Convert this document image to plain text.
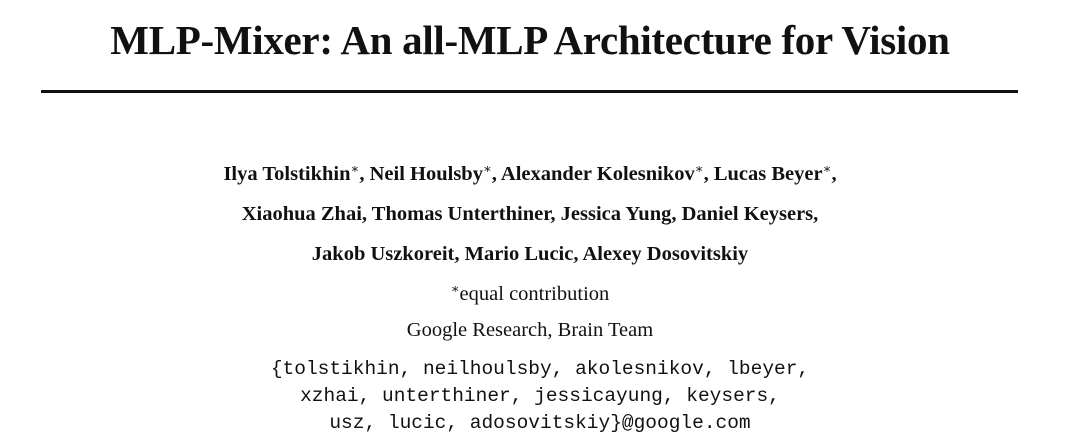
MLP-Mixer: An all-MLP Architecture for Vision
Ilya Tolstikhin∗, Neil Houlsby∗, Alexander Kolesnikov∗, Lucas Beyer∗,
Xiaohua Zhai, Thomas Unterthiner, Jessica Yung, Daniel Keysers,
Jakob Uszkoreit, Mario Lucic, Alexey Dosovitskiy
∗equal contribution
Google Research, Brain Team
{tolstikhin, neilhoulsby, akolesnikov, lbeyer,
xzhai, unterthiner, jessicayung, keysers,
usz, lucic, adosovitskiy}@google.com
